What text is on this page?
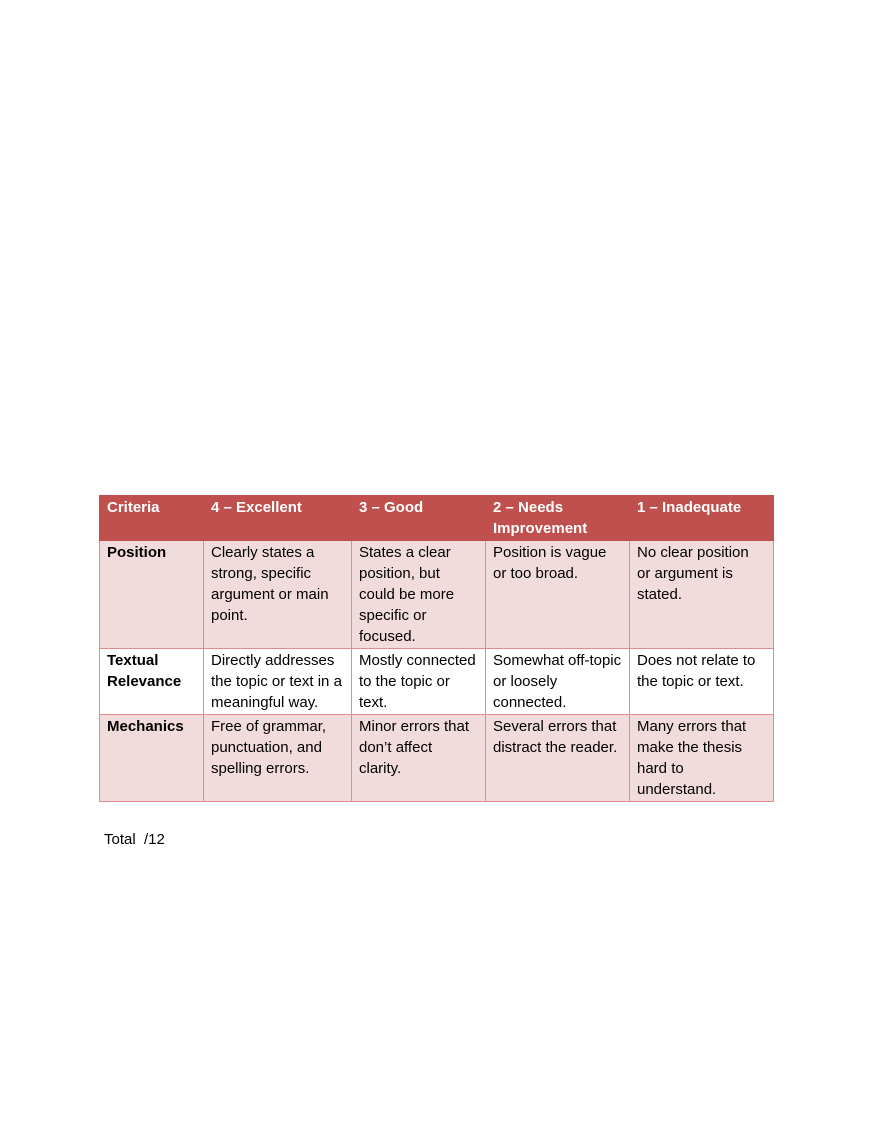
Criteria	4 – Excellent	3 – Good	2 – Needs Improvement	1 – Inadequate
Position	Clearly states a strong, specific argument or main point.	States a clear position, but could be more specific or focused.	Position is vague or too broad.	No clear position or argument is stated.
Textual Relevance	Directly addresses the topic or text in a meaningful way.	Mostly connected to the topic or text.	Somewhat off-topic or loosely connected.	Does not relate to the topic or text.
Mechanics	Free of grammar, punctuation, and spelling errors.	Minor errors that don’t affect clarity.	Several errors that distract the reader.	Many errors that make the thesis hard to understand.
Total  /12
